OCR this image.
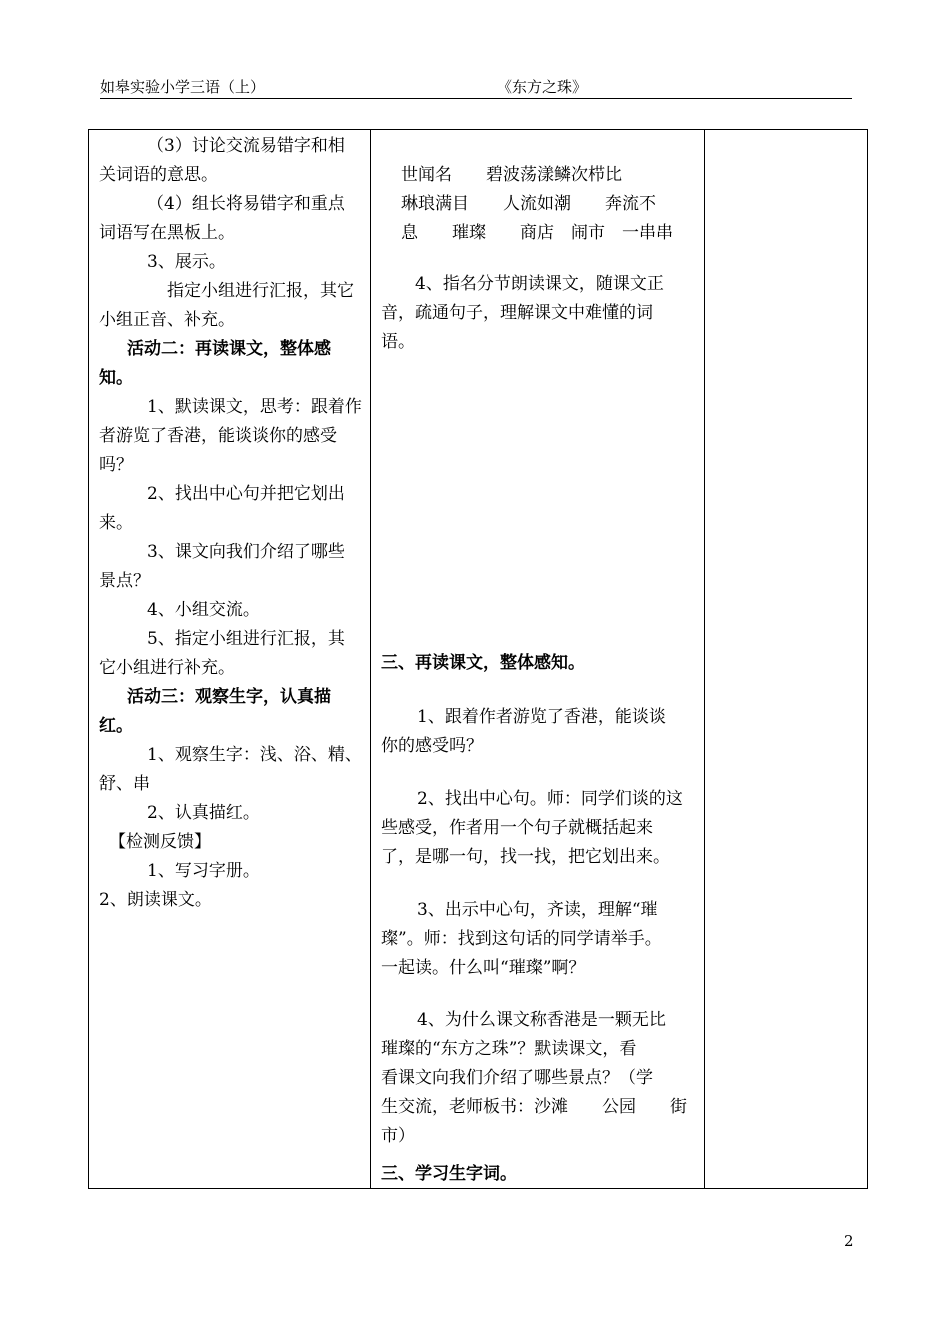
如皋实验小学三语（上）	《东方之珠》

（3）讨论交流易错字和相

关词语的意思。

（4）组长将易错字和重点

词语写在黑板上。

3、展示。

指定小组进行汇报，其它

小组正音、补充。

活动二：再读课文，整体感

知。

1、默读课文，思考：跟着作

者游览了香港，能谈谈你的感受

吗？

2、找出中心句并把它划出

来。

3、课文向我们介绍了哪些

景点？

4、小组交流。

5、指定小组进行汇报，其

它小组进行补充。

活动三：观察生字，认真描

红。

1、观察生字：浅、浴、精、

舒、串

2、认真描红。

【检测反馈】

1、写习字册。

2、朗读课文。

世闻名　　碧波荡漾鳞次栉比

琳琅满目　　人流如潮　　奔流不

息　　璀璨　　商店　闹市　一串串

4、指名分节朗读课文，随课文正

音，疏通句子，理解课文中难懂的词

语。

三、再读课文，整体感知。

1、跟着作者游览了香港，能谈谈

你的感受吗？

2、找出中心句。师：同学们谈的这

些感受，作者用一个句子就概括起来

了，是哪一句，找一找，把它划出来。

3、出示中心句，齐读，理解“璀

璨”。师：找到这句话的同学请举手。

一起读。什么叫“璀璨”啊？

4、为什么课文称香港是一颗无比

璀璨的“东方之珠”？默读课文，看

看课文向我们介绍了哪些景点？（学

生交流，老师板书：沙滩　　公园　　街

市）

三、学习生字词。
2
